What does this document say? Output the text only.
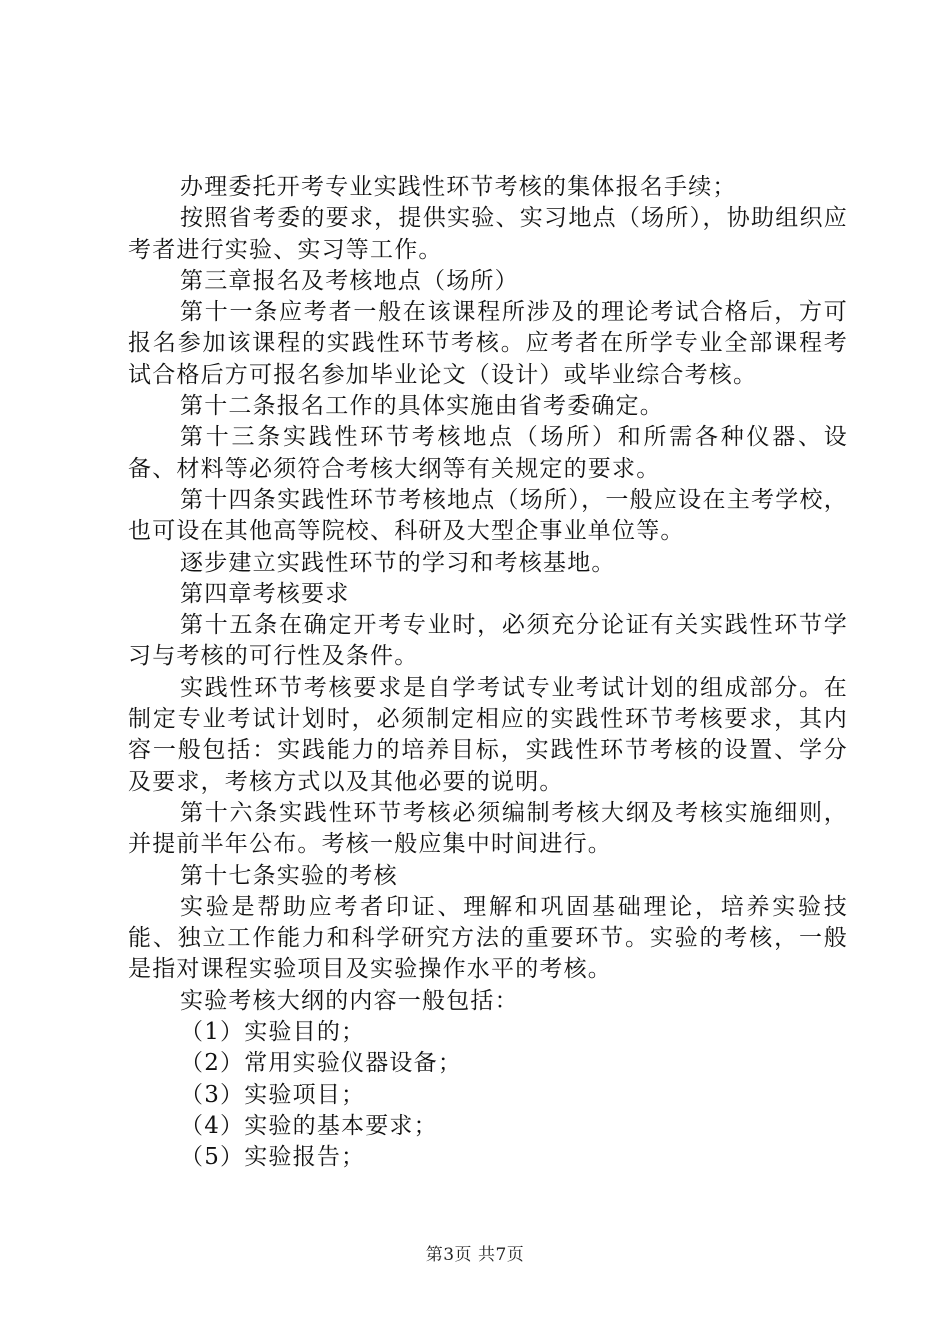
办理委托开考专业实践性环节考核的集体报名手续；

按照省考委的要求，提供实验、实习地点（场所），协助组织应考者进行实验、实习等工作。

第三章报名及考核地点（场所）

第十一条应考者一般在该课程所涉及的理论考试合格后，方可报名参加该课程的实践性环节考核。应考者在所学专业全部课程考试合格后方可报名参加毕业论文（设计）或毕业综合考核。

第十二条报名工作的具体实施由省考委确定。

第十三条实践性环节考核地点（场所）和所需各种仪器、设备、材料等必须符合考核大纲等有关规定的要求。

第十四条实践性环节考核地点（场所），一般应设在主考学校，也可设在其他高等院校、科研及大型企事业单位等。

逐步建立实践性环节的学习和考核基地。

第四章考核要求

第十五条在确定开考专业时，必须充分论证有关实践性环节学习与考核的可行性及条件。

实践性环节考核要求是自学考试专业考试计划的组成部分。在制定专业考试计划时，必须制定相应的实践性环节考核要求，其内容一般包括：实践能力的培养目标，实践性环节考核的设置、学分及要求，考核方式以及其他必要的说明。

第十六条实践性环节考核必须编制考核大纲及考核实施细则，并提前半年公布。考核一般应集中时间进行。

第十七条实验的考核

实验是帮助应考者印证、理解和巩固基础理论，培养实验技能、独立工作能力和科学研究方法的重要环节。实验的考核，一般是指对课程实验项目及实验操作水平的考核。

实验考核大纲的内容一般包括：

（1）实验目的；

（2）常用实验仪器设备；

（3）实验项目；

（4）实验的基本要求；

（5）实验报告；

第3页 共7页
